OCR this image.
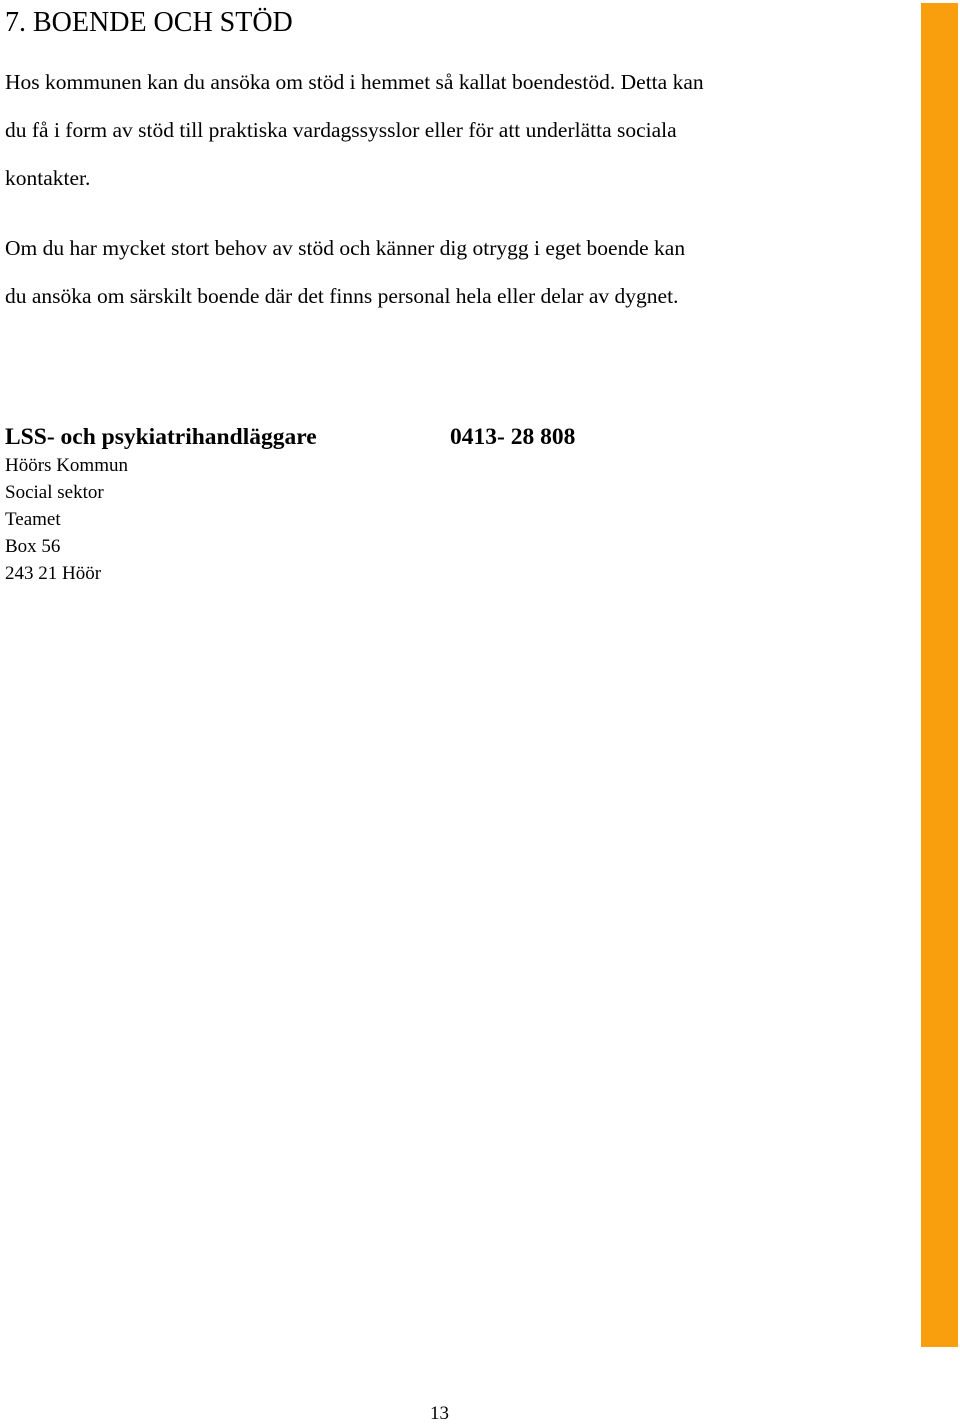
7. BOENDE OCH STÖD

Hos kommunen kan du ansöka om stöd i hemmet så kallat boendestöd. Detta kan du få i form av stöd till praktiska vardagssysslor eller för att underlätta sociala kontakter.

Om du har mycket stort behov av stöd och känner dig otrygg i eget boende kan du ansöka om särskilt boende där det finns personal hela eller delar av dygnet.

LSS- och psykiatrihandläggare	0413- 28 808
Höörs Kommun
Social sektor
Teamet
Box 56
243 21 Höör
13
